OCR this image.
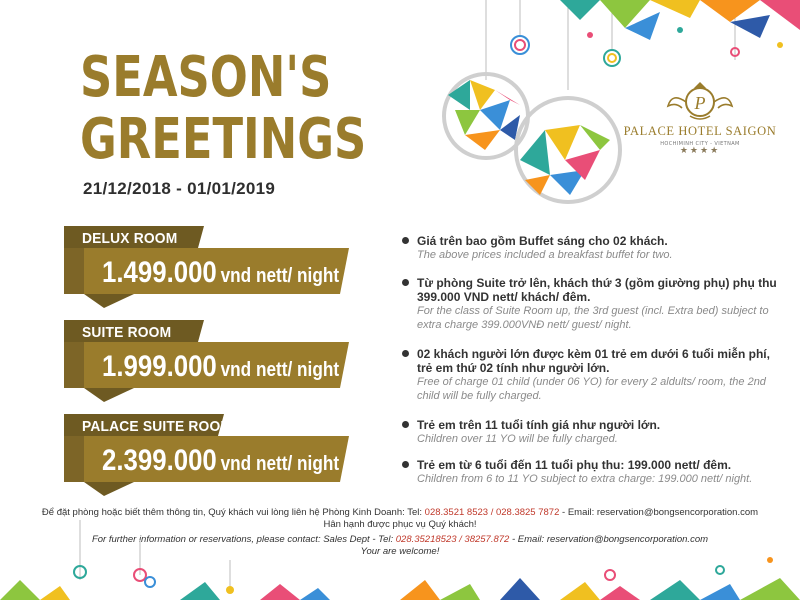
SEASON'S
GREETINGS
21/12/2018 - 01/01/2019
P
PALACE HOTEL SAIGON
HOCHIMINH CITY - VIETNAM
★★★★
DELUX ROOM
1.499.000 vnd nett/ night
SUITE ROOM
1.999.000 vnd nett/ night
PALACE SUITE ROOM
2.399.000 vnd nett/ night
Giá trên bao gồm Buffet sáng cho 02 khách.
The above prices included a breakfast buffet for two.
Từ phòng Suite trở lên, khách thứ 3 (gồm giường phụ) phụ thu 399.000 VND nett/ khách/ đêm.
For the class of Suite Room up, the 3rd guest (incl. Extra bed) subject to extra charge 399.000VNĐ nett/ guest/ night.
02 khách người lớn được kèm 01 trẻ em dưới 6 tuổi miễn phí, trẻ em thứ 02 tính như người lớn.
Free of charge 01 child (under 06 YO) for every 2 aldults/ room, the 2nd child will be fully charged.
Trẻ em trên 11 tuổi tính giá như người lớn.
Children over 11 YO will be fully charged.
Trẻ em từ 6 tuổi đến 11 tuổi phụ thu: 199.000 nett/ đêm.
Children from 6 to 11 YO subject to extra charge: 199.000 nett/ night.
Để đặt phòng hoặc biết thêm thông tin, Quý khách vui lòng liên hệ Phòng Kinh Doanh: Tel: 028.3521 8523 / 028.3825 7872 - Email: reservation@bongsencorporation.com
Hân hạnh được phục vụ Quý khách!
For further information or reservations, please contact: Sales Dept - Tel: 028.35218523 / 38257.872 - Email: reservation@bongsencorporation.com
Your are welcome!
